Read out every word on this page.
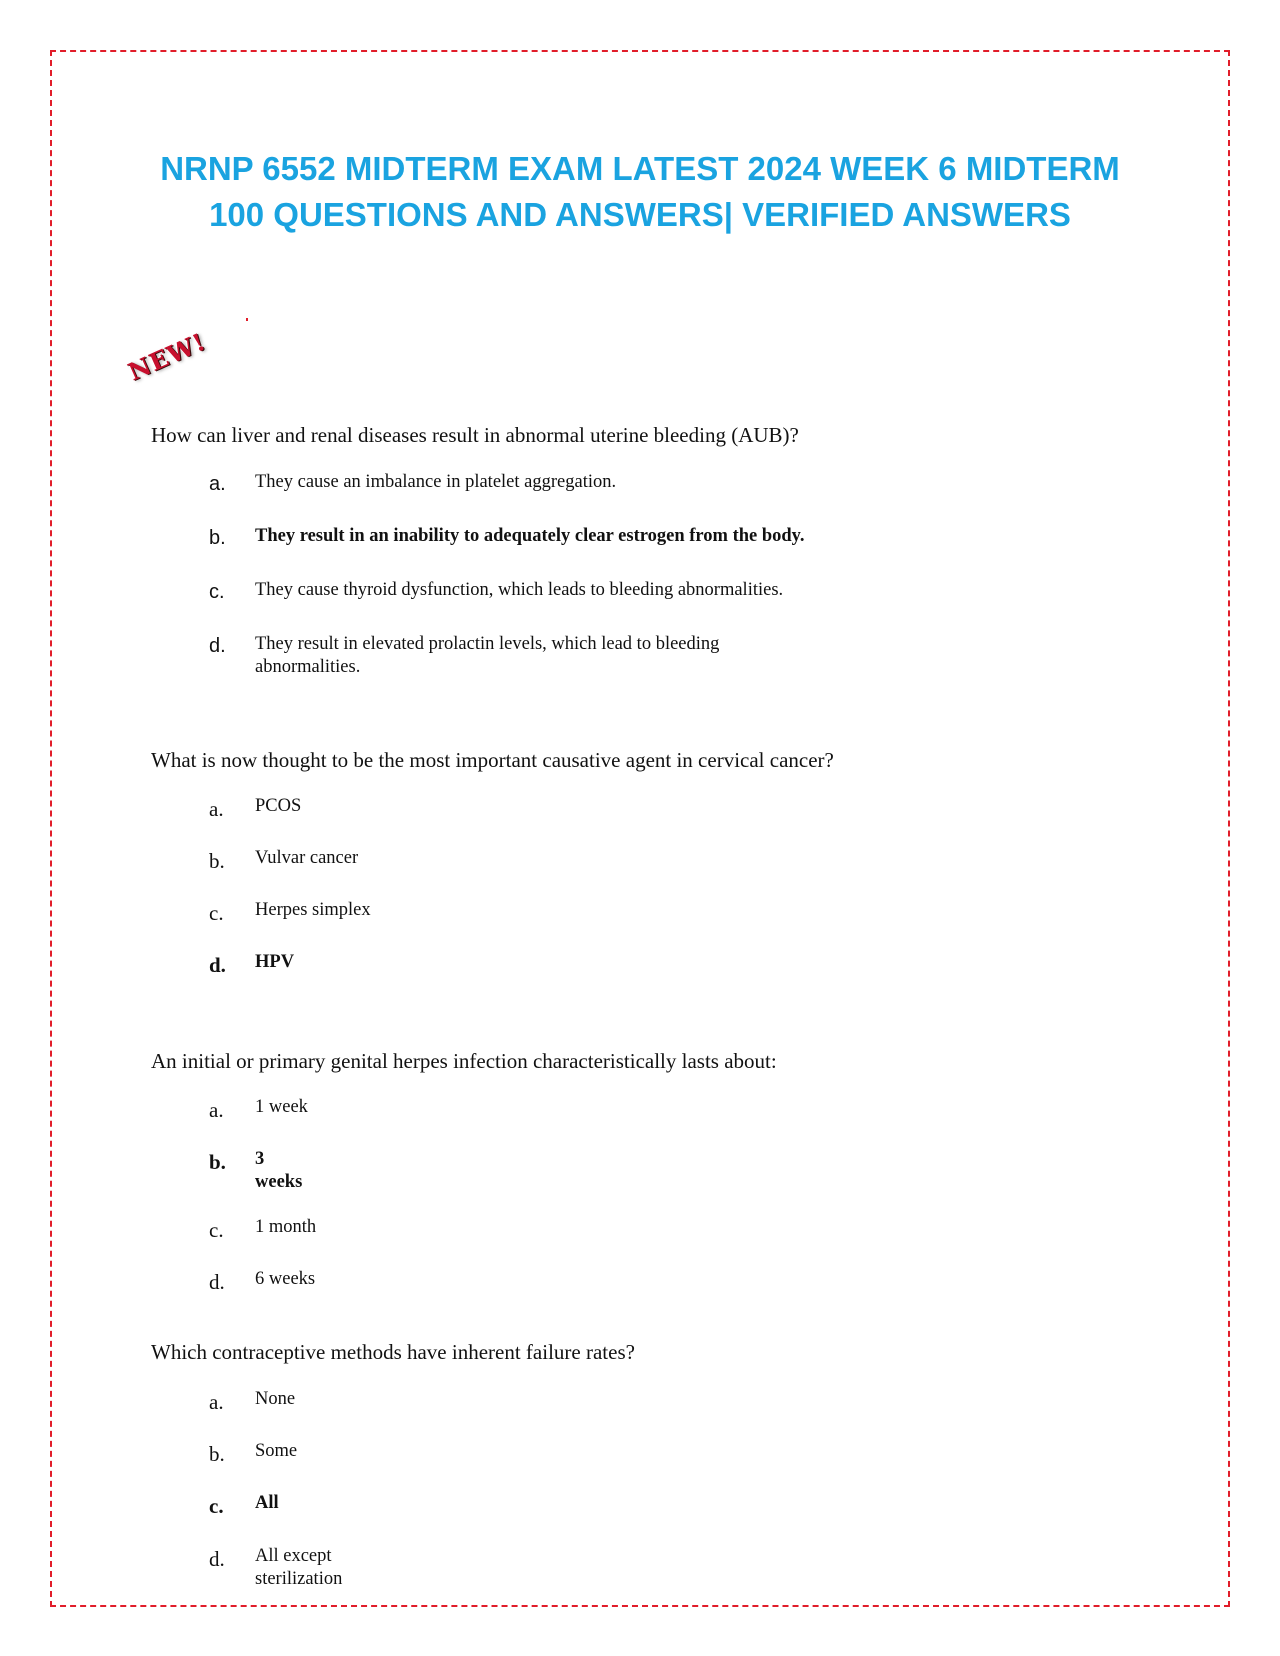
NRNP 6552 MIDTERM EXAM LATEST 2024 WEEK 6 MIDTERM
100 QUESTIONS AND ANSWERS| VERIFIED ANSWERS
NEW!

How can liver and renal diseases result in abnormal uterine bleeding (AUB)?

a. They cause an imbalance in platelet aggregation.
b. They result in an inability to adequately clear estrogen from the body.
c. They cause thyroid dysfunction, which leads to bleeding abnormalities.
d. They result in elevated prolactin levels, which lead to bleeding abnormalities.

What is now thought to be the most important causative agent in cervical cancer?

a. PCOS
b. Vulvar cancer
c. Herpes simplex
d. HPV

An initial or primary genital herpes infection characteristically lasts about:

a. 1 week
b. 3 weeks
c. 1 month
d. 6 weeks

Which contraceptive methods have inherent failure rates?

a. None
b. Some
c. All
d. All except sterilization
